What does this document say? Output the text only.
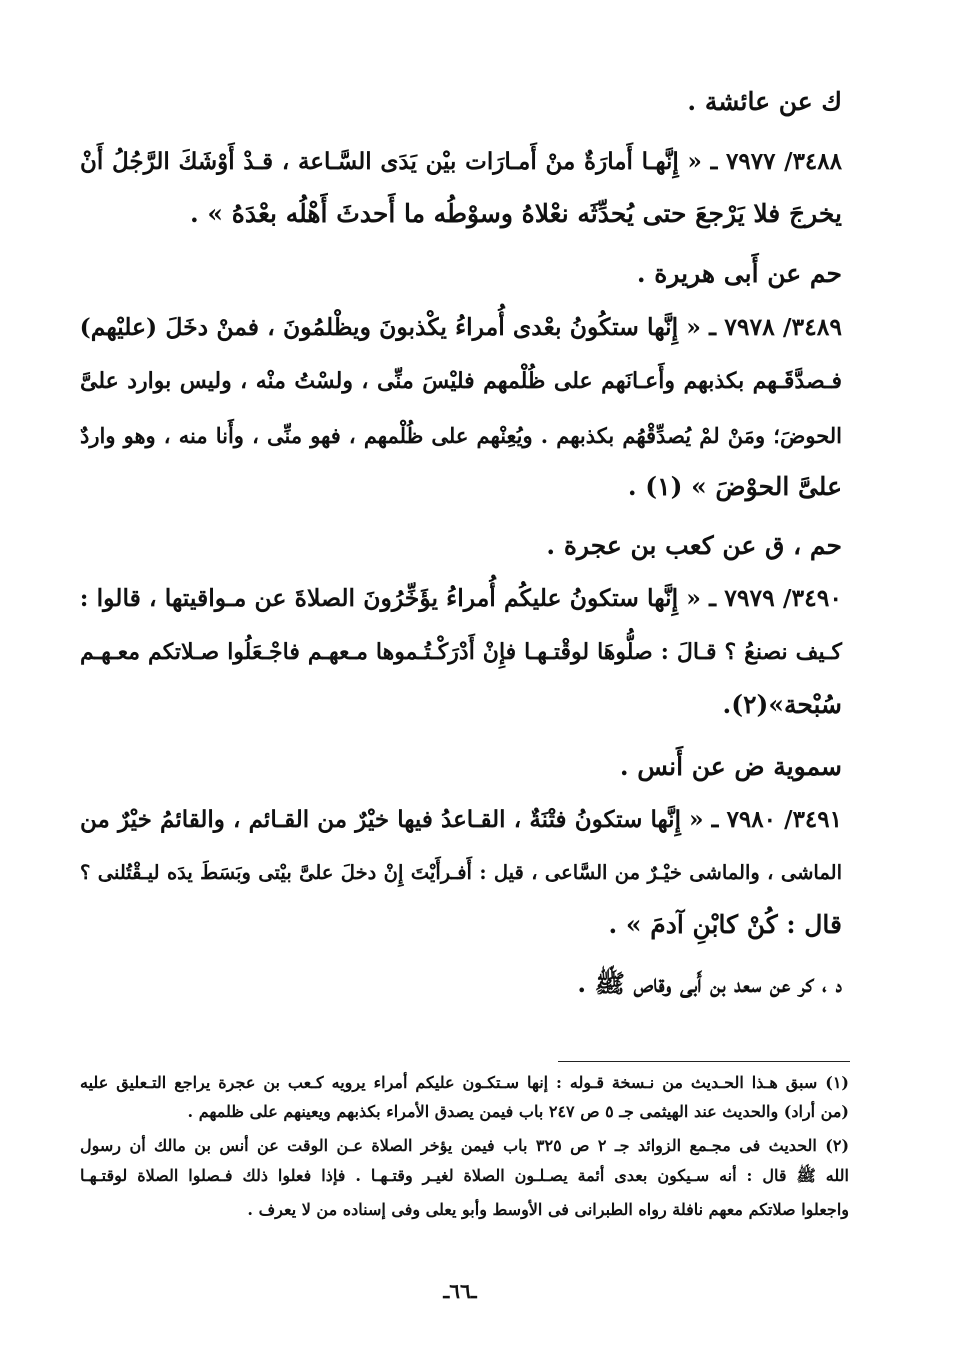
ك عن عائشة .
٣٤٨٨/ ٧٩٧٧ ـ « إِنَّهـا أَمارَةٌ منْ أَمـارَات بيْن يَدَى السَّـاعة ، قـدْ أَوْشَكَ الرَّجُلُ أَنْ
يخرجَ فلا يَرْجعَ حتى يُحدِّثَه نعْلاهُ وسوْطُه ما أَحدثَ أَهْلُه بعْدَهُ » .
حم عن أَبى هريرة .
٣٤٨٩/ ٧٩٧٨ ـ « إِنَّها ستكُونُ بعْدى أُمراءُ يكْذبونَ ويظْلمُونَ ، فمنْ دخَلَ (عليْهم)
فـصدَّقَـهم بكذبهم وأَعـانَهم على ظُلْمهم فليْسَ منِّى ، ولسْتُ منْه ، وليس بوارد علىَّ
الحوضَ؛ ومَنْ لمْ يُصدِّقْهُم بكذبهم . ويُعِنْهم على ظُلْمهم ، فهو منِّى ، وأَنا منه ، وهو واردٌ
علىَّ الحوْضَ » (١) .
حم ، ق عن كعب بن عجرة .
٣٤٩٠/ ٧٩٧٩ ـ « إِنَّها ستكونُ عليكُم أُمراءُ يؤَخِّرُونَ الصلاةَ عن مـواقيتها ، قالوا :
كـيف نصنعُ ؟ قـالَ : صلُّوهَا لوقْتـهـا فإِنْ أَدْرَكْـتُـموها مـعهـم فاجْـعَلُوا صـلاتكم معـهـم
سُبْحة»(٢).
سموية ض عن أَنس .
٣٤٩١/ ٧٩٨٠ ـ « إِنَّها ستكونُ فتْنَةٌ ، القـاعدُ فيها خيْرٌ من القـائم ، والقائمُ خيْرٌ من
الماشى ، والماشى خيْـرٌ من السَّاعى ، قيل : أَفـرأَيْتَ إِنْ دخلَ علىَّ بيْتى وبَسَطَ يدَه ليـقْتُلنى ؟
قال : كُنْ كابْنِ آدمَ » .
د ، كر عن سعد بن أَبى وقاص ﷺ .
(١) سبق هـذا الحـديث من نـسخة قـوله : إنها سـتكـون عليكم أمراء يرويه كـعب بن عجرة يراجع التـعليق عليه
(من أراد) والحديث عند الهيثمى جـ ٥ ص ٢٤٧ باب فيمن يصدق الأمراء بكذبهم ويعينهم على ظلمهم .
(٢) الحديث فى مجـمع الزوائد جـ ٢ ص ٣٢٥ باب فيمن يؤخر الصلاة عـن الوقت عن أنس بن مالك أن رسول
الله ﷺ قال : أنه سـيكون بعدى أئمة يصـلـون الصلاة لغيـر وقتـهـا . فإذا فعلوا ذلك فـصلوا الصلاة لوقتـهـا
واجعلوا صلاتكم معهم نافلة رواه الطبرانى فى الأوسط وأبو يعلى وفى إسناده من لا يعرف .
ـ٦٦ـ
